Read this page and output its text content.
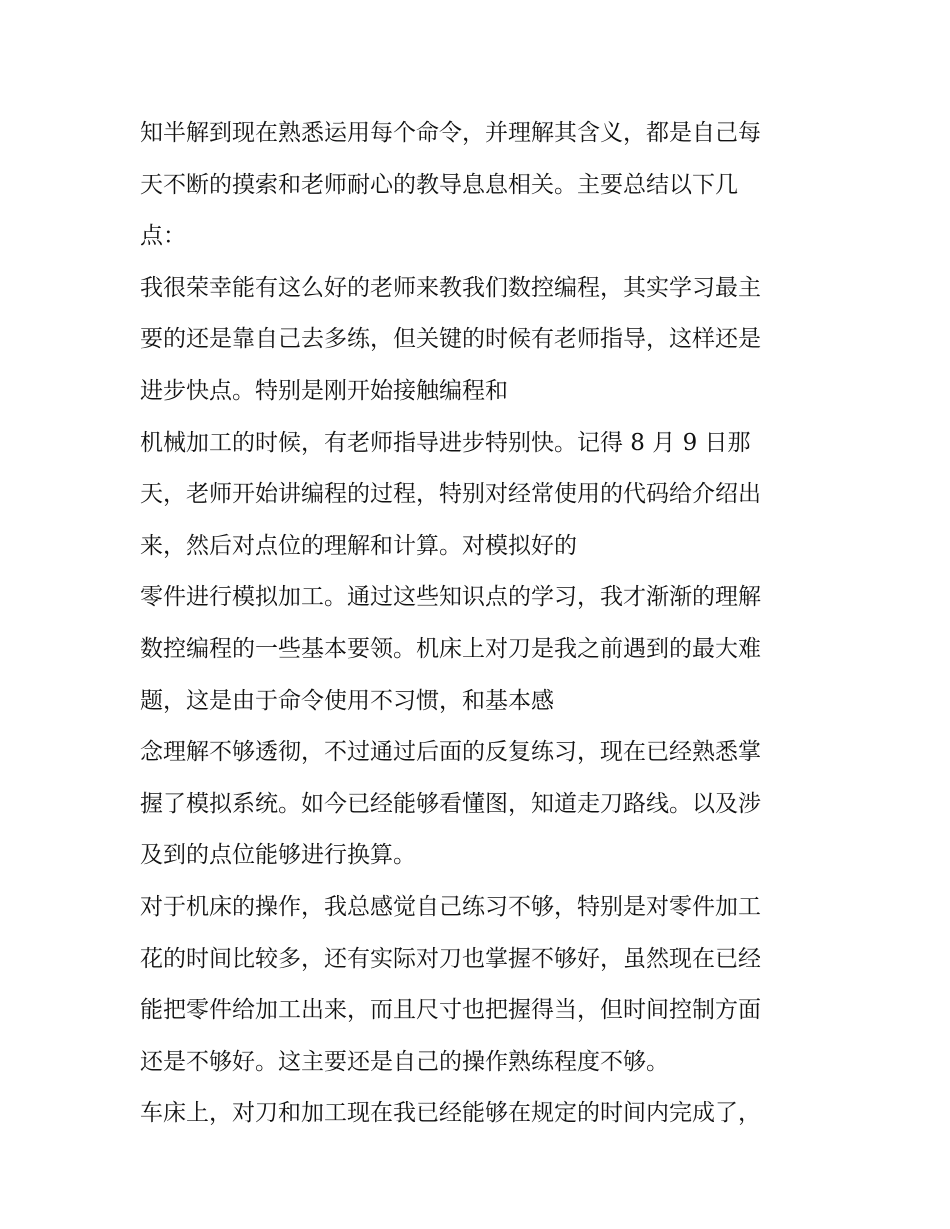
知半解到现在熟悉运用每个命令，并理解其含义，都是自己每
天不断的摸索和老师耐心的教导息息相关。主要总结以下几
点：
我很荣幸能有这么好的老师来教我们数控编程，其实学习最主
要的还是靠自己去多练，但关键的时候有老师指导，这样还是
进步快点。特别是刚开始接触编程和
机械加工的时候，有老师指导进步特别快。记得 8 月 9 日那
天，老师开始讲编程的过程，特别对经常使用的代码给介绍出
来，然后对点位的理解和计算。对模拟好的
零件进行模拟加工。通过这些知识点的学习，我才渐渐的理解
数控编程的一些基本要领。机床上对刀是我之前遇到的最大难
题，这是由于命令使用不习惯，和基本感
念理解不够透彻，不过通过后面的反复练习，现在已经熟悉掌
握了模拟系统。如今已经能够看懂图，知道走刀路线。以及涉
及到的点位能够进行换算。
对于机床的操作，我总感觉自己练习不够，特别是对零件加工
花的时间比较多，还有实际对刀也掌握不够好，虽然现在已经
能把零件给加工出来，而且尺寸也把握得当，但时间控制方面
还是不够好。这主要还是自己的操作熟练程度不够。
车床上，对刀和加工现在我已经能够在规定的时间内完成了，
